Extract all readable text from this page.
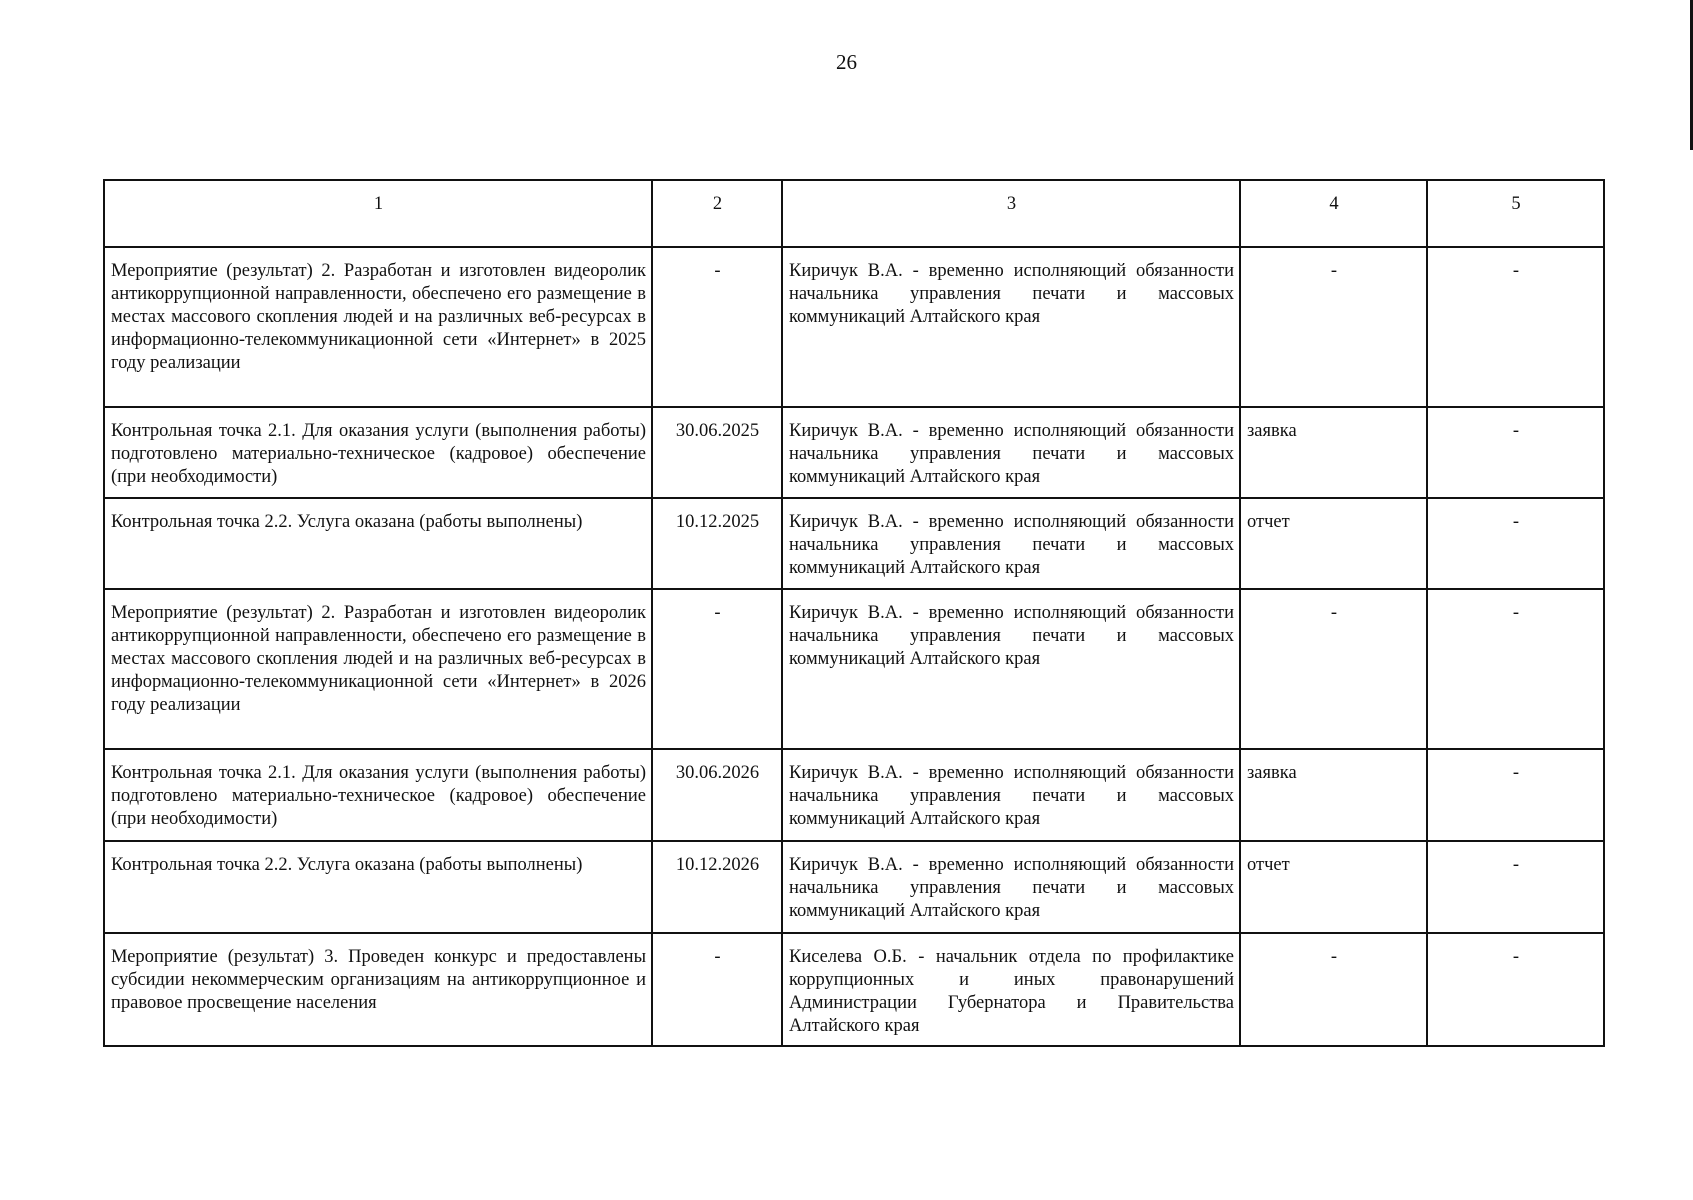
26
1	2	3	4	5
Мероприятие (результат) 2. Разработан и изготовлен видеоролик антикоррупционной направленности, обеспечено его размещение в местах массового скопления людей и на различных веб-ресурсах в информационно-телекоммуникационной сети «Интернет» в 2025 году реализации	-	Киричук В.А. - временно исполняющий обязанности начальника управления печати и массовых коммуникаций Алтайского края	-	-
Контрольная точка 2.1. Для оказания услуги (выполнения работы) подготовлено материально-техническое (кадровое) обеспечение (при необходимости)	30.06.2025	Киричук В.А. - временно исполняющий обязанности начальника управления печати и массовых коммуникаций Алтайского края	заявка	-
Контрольная точка 2.2. Услуга оказана (работы выполнены)	10.12.2025	Киричук В.А. - временно исполняющий обязанности начальника управления печати и массовых коммуникаций Алтайского края	отчет	-
Мероприятие (результат) 2. Разработан и изготовлен видеоролик антикоррупционной направленности, обеспечено его размещение в местах массового скопления людей и на различных веб-ресурсах в информационно-телекоммуникационной сети «Интернет» в 2026 году реализации	-	Киричук В.А. - временно исполняющий обязанности начальника управления печати и массовых коммуникаций Алтайского края	-	-
Контрольная точка 2.1. Для оказания услуги (выполнения работы) подготовлено материально-техническое (кадровое) обеспечение (при необходимости)	30.06.2026	Киричук В.А. - временно исполняющий обязанности начальника управления печати и массовых коммуникаций Алтайского края	заявка	-
Контрольная точка 2.2. Услуга оказана (работы выполнены)	10.12.2026	Киричук В.А. - временно исполняющий обязанности начальника управления печати и массовых коммуникаций Алтайского края	отчет	-
Мероприятие (результат) 3. Проведен конкурс и предоставлены субсидии некоммерческим организациям на антикоррупционное и правовое просвещение населения	-	Киселева О.Б. - начальник отдела по профилактике коррупционных и иных правонарушений Администрации Губернатора и Правительства Алтайского края	-	-
